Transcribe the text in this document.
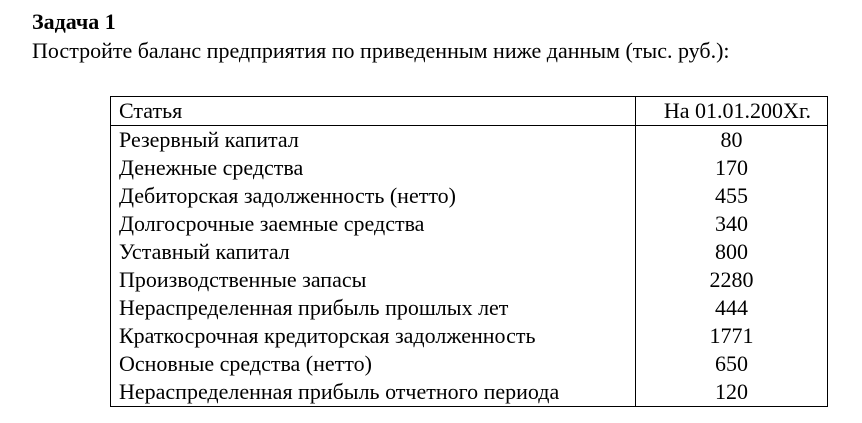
Задача 1
Постройте баланс предприятия по приведенным ниже данным (тыс. руб.):
Статья	На 01.01.200Хг.
Резервный капитал	80
Денежные средства	170
Дебиторская задолженность (нетто)	455
Долгосрочные заемные средства	340
Уставный капитал	800
Производственные запасы	2280
Нераспределенная прибыль прошлых лет	444
Краткосрочная кредиторская задолженность	1771
Основные средства (нетто)	650
Нераспределенная прибыль отчетного периода	120
